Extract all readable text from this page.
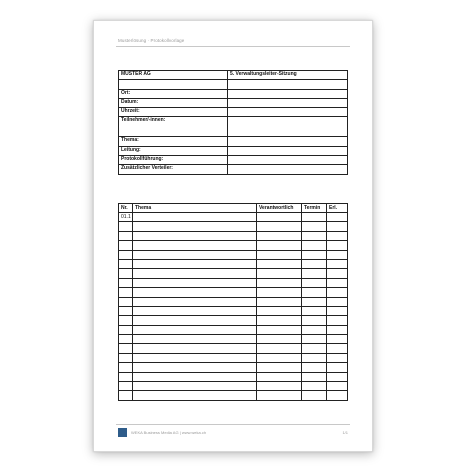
Musterlösung · Protokollvorlage
MUSTER AG	5. Verwaltungsleiter-Sitzung

Ort:	
Datum:	
Uhrzeit:	
Teilnehmer/-innen:	
Thema:	
Leitung:	
Protokollführung:	
Zusätzlicher Verteiler:	
Nr.	Thema	Verantwortlich	Termin	Erl.
01.1				

WEKA Business Media AG | www.weka.ch	1/1
